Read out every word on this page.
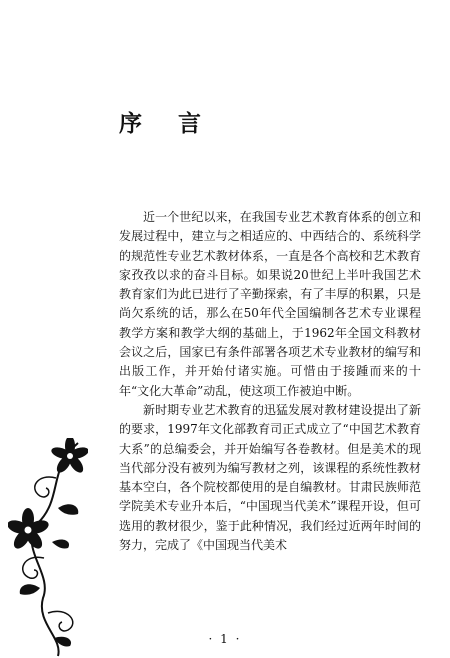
序 言

近一个世纪以来，在我国专业艺术教育体系的创立和发展过程中，建立与之相适应的、中西结合的、系统科学的规范性专业艺术教材体系，一直是各个高校和艺术教育家孜孜以求的奋斗目标。如果说20世纪上半叶我国艺术教育家们为此已进行了辛勤探索，有了丰厚的积累，只是尚欠系统的话，那么在50年代全国编制各艺术专业课程教学方案和教学大纲的基础上，于1962年全国文科教材会议之后，国家已有条件部署各项艺术专业教材的编写和出版工作，并开始付诸实施。可惜由于接踵而来的十年“文化大革命”动乱，使这项工作被迫中断。

新时期专业艺术教育的迅猛发展对教材建设提出了新的要求，1997年文化部教育司正式成立了“中国艺术教育大系”的总编委会，并开始编写各卷教材。但是美术的现当代部分没有被列为编写教材之列，该课程的系统性教材基本空白，各个院校都使用的是自编教材。甘肃民族师范学院美术专业升本后，“中国现当代美术”课程开设，但可选用的教材很少，鉴于此种情况，我们经过近两年时间的努力，完成了《中国现当代美术

· 1 ·
